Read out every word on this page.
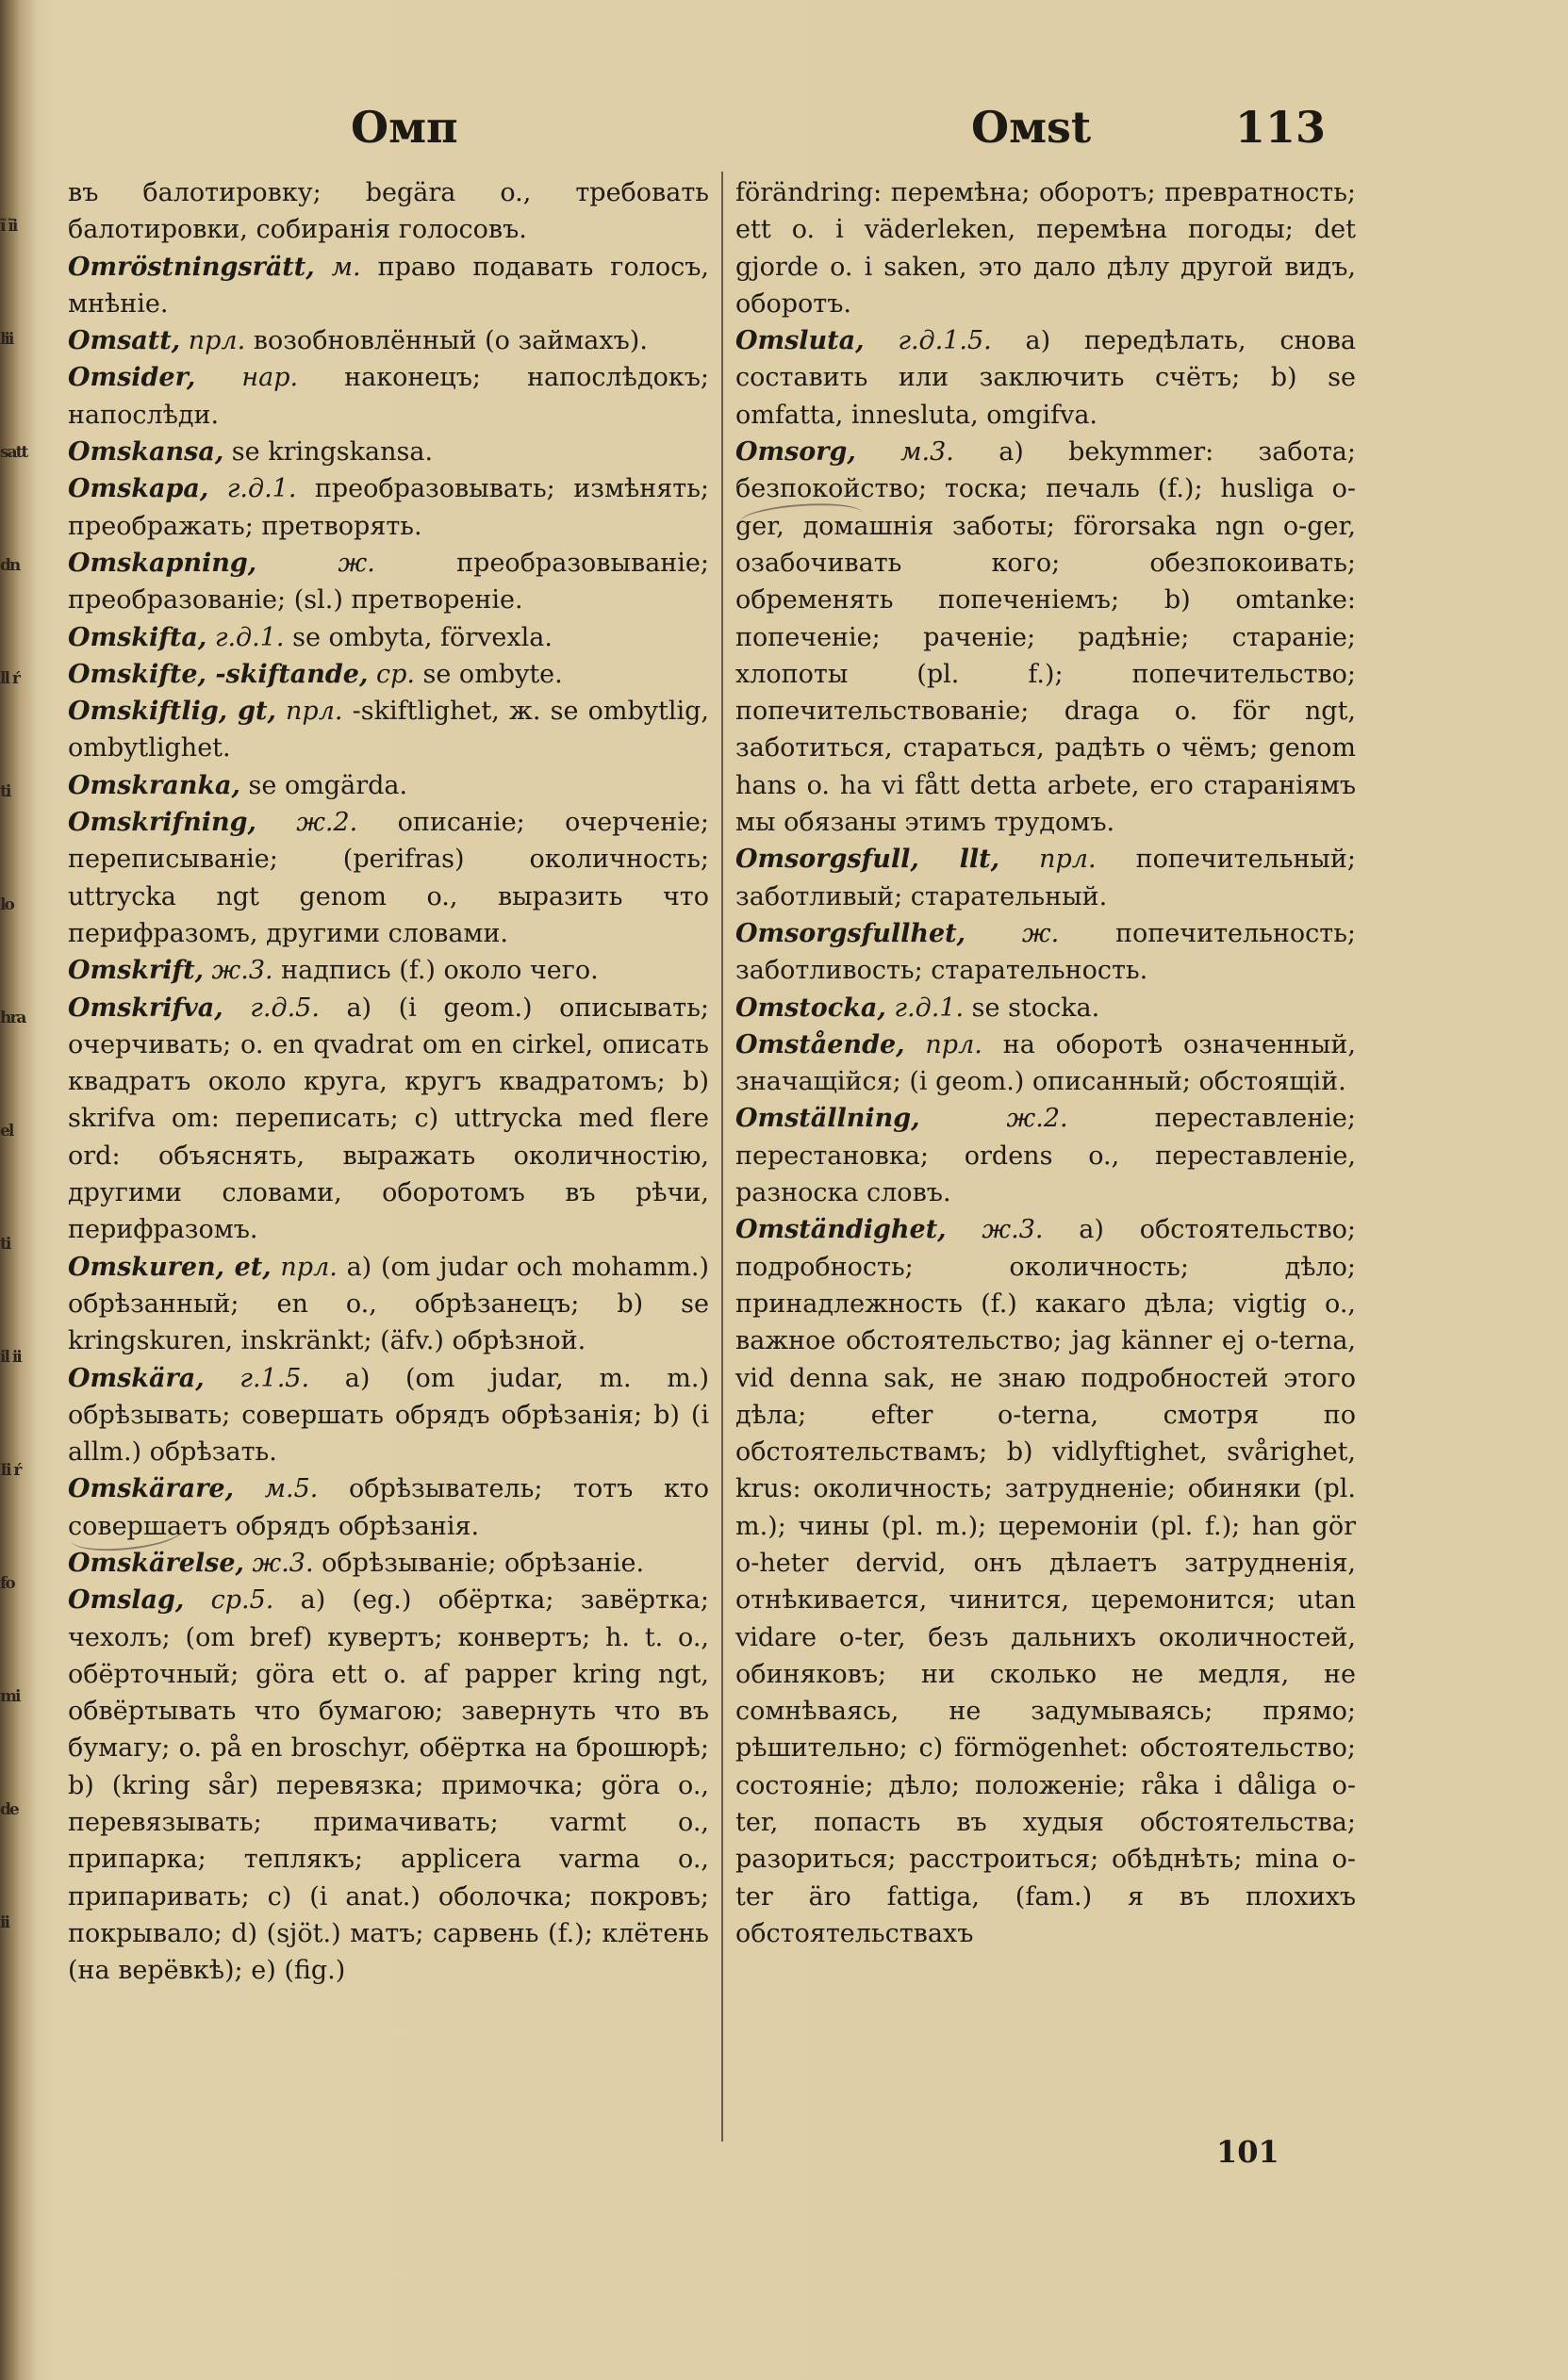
ĩ ĩi lii satt dn ll ŕ ti lo hra el ti il ii Ii ŕ fo mi de ii
Омп	Омst	113

въ балотировку; begära o., требовать балотировки, собиранія голосовъ.

Omröstningsrätt, м. право подавать голосъ, мнѣніе.

Omsatt, прл. возобновлённый (о займахъ).

Omsider, нар. наконецъ; напослѣдокъ; напослѣди.

Omskansa, se kringskansa.

Omskapa, г.д.1. преобразовывать; измѣнять; преображать; претворять.

Omskapning, ж. преобразовываніе; преобразованіе; (sl.) претвореніе.

Omskifta, г.д.1. se ombyta, förvexla.

Omskifte, -skiftande, ср. se ombyte.

Omskiftlig, gt, прл. -skiftlighet, ж. se ombytlig, ombytlighet.

Omskranka, se omgärda.

Omskrifning, ж.2. описаніе; очерченіе; переписываніе; (perifras) околичность; uttrycka ngt genom o., выразить что перифразомъ, другими словами.

Omskrift, ж.3. надпись (f.) около чего.

Omskrifva, г.д.5. a) (i geom.) описывать; очерчивать; o. en qvadrat om en cirkel, описать квадратъ около круга, кругъ квадратомъ; b) skrifva om: переписать; c) uttrycka med flere ord: объяснять, выражать околичностію, другими словами, оборотомъ въ рѣчи, перифразомъ.

Omskuren, et, прл. a) (om judar och mohamm.) обрѣзанный; en o., обрѣзанецъ; b) se kringskuren, inskränkt; (äfv.) обрѣзной.

Omskära, г.1.5. a) (om judar, m. m.) обрѣзывать; совершать обрядъ обрѣзанія; b) (i allm.) обрѣзать.

Omskärare, м.5. обрѣзыватель; тотъ кто совершаетъ обрядъ обрѣзанія.

Omskärelse, ж.3. обрѣзываніе; обрѣзаніе.

Omslag, ср.5. a) (eg.) обёртка; завёртка; чехолъ; (om bref) кувертъ; конвертъ; h. t. o., обёрточный; göra ett o. af papper kring ngt, обвёртывать что бумагою; завернуть что въ бумагу; o. på en broschyr, обёртка на брошюрѣ; b) (kring sår) перевязка; примочка; göra o., перевязывать; примачивать; varmt o., припарка; теплякъ; applicera varma o., припаривать; c) (i anat.) оболочка; покровъ; покрывало; d) (sjöt.) матъ; сарвень (f.); клётень (на верёвкѣ); e) (fig.)

förändring: перемѣна; оборотъ; превратность; ett o. i väderleken, перемѣна погоды; det gjorde o. i saken, это дало дѣлу другой видъ, оборотъ.

Omsluta, г.д.1.5. a) передѣлать, снова составить или заключить счётъ; b) se omfatta, innesluta, omgifva.

Omsorg, м.3. a) bekymmer: забота; безпокойство; тоска; печаль (f.); husliga o-ger, домашнія заботы; förorsaka ngn o-ger, озабочивать кого; обезпокоивать; обременять попеченіемъ; b) omtanke: попеченіе; раченіе; радѣніе; стараніе; хлопоты (pl. f.); попечительство; попечительствованіе; draga o. för ngt, заботиться, стараться, радѣть о чёмъ; genom hans o. ha vi fått detta arbete, его стараніямъ мы обязаны этимъ трудомъ.

Omsorgsfull, llt, прл. попечительный; заботливый; старательный.

Omsorgsfullhet, ж. попечительность; заботливость; старательность.

Omstocka, г.д.1. se stocka.

Omstående, прл. на оборотѣ означенный, значащійся; (i geom.) описанный; обстоящій.

Omställning, ж.2. переставленіе; перестановка; ordens o., переставленіе, разноска словъ.

Omständighet, ж.3. a) обстоятельство; подробность; околичность; дѣло; принадлежность (f.) какаго дѣла; vigtig o., важное обстоятельство; jag känner ej o-terna, vid denna sak, не знаю подробностей этого дѣла; efter o-terna, смотря по обстоятельствамъ; b) vidlyftighet, svårighet, krus: околичность; затрудненіе; обиняки (pl. m.); чины (pl. m.); церемоніи (pl. f.); han gör o-heter dervid, онъ дѣлаетъ затрудненія, отнѣкивается, чинится, церемонится; utan vidare o-ter, безъ дальнихъ околичностей, обиняковъ; ни сколько не медля, не сомнѣваясь, не задумываясь; прямо; рѣшительно; c) förmögenhet: обстоятельство; состояніе; дѣло; положеніе; råka i dåliga o-ter, попасть въ худыя обстоятельства; разориться; расстроиться; обѣднѣть; mina o-ter äro fattiga, (fam.) я въ плохихъ обстоятельствахъ

101
